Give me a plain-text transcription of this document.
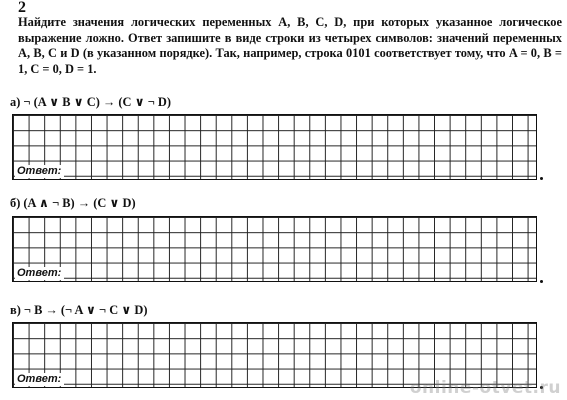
2
Найдите значения логических переменных A, B, C, D, при которых указанное логическое выражение ложно. Ответ запишите в виде строки из четырех символов: значений переменных A, B, C и D (в указанном порядке). Так, например, строка 0101 соответствует тому, что A = 0, B = 1, C = 0, D = 1.
а) ¬ (A ∨ B ∨ C) → (C ∨ ¬ D)
Ответ:
б) (A ∧ ¬ B) → (C ∨ D)
Ответ:
в) ¬ B → (¬ A ∨ ¬ C ∨ D)
Ответ:	online-otvet.ru
